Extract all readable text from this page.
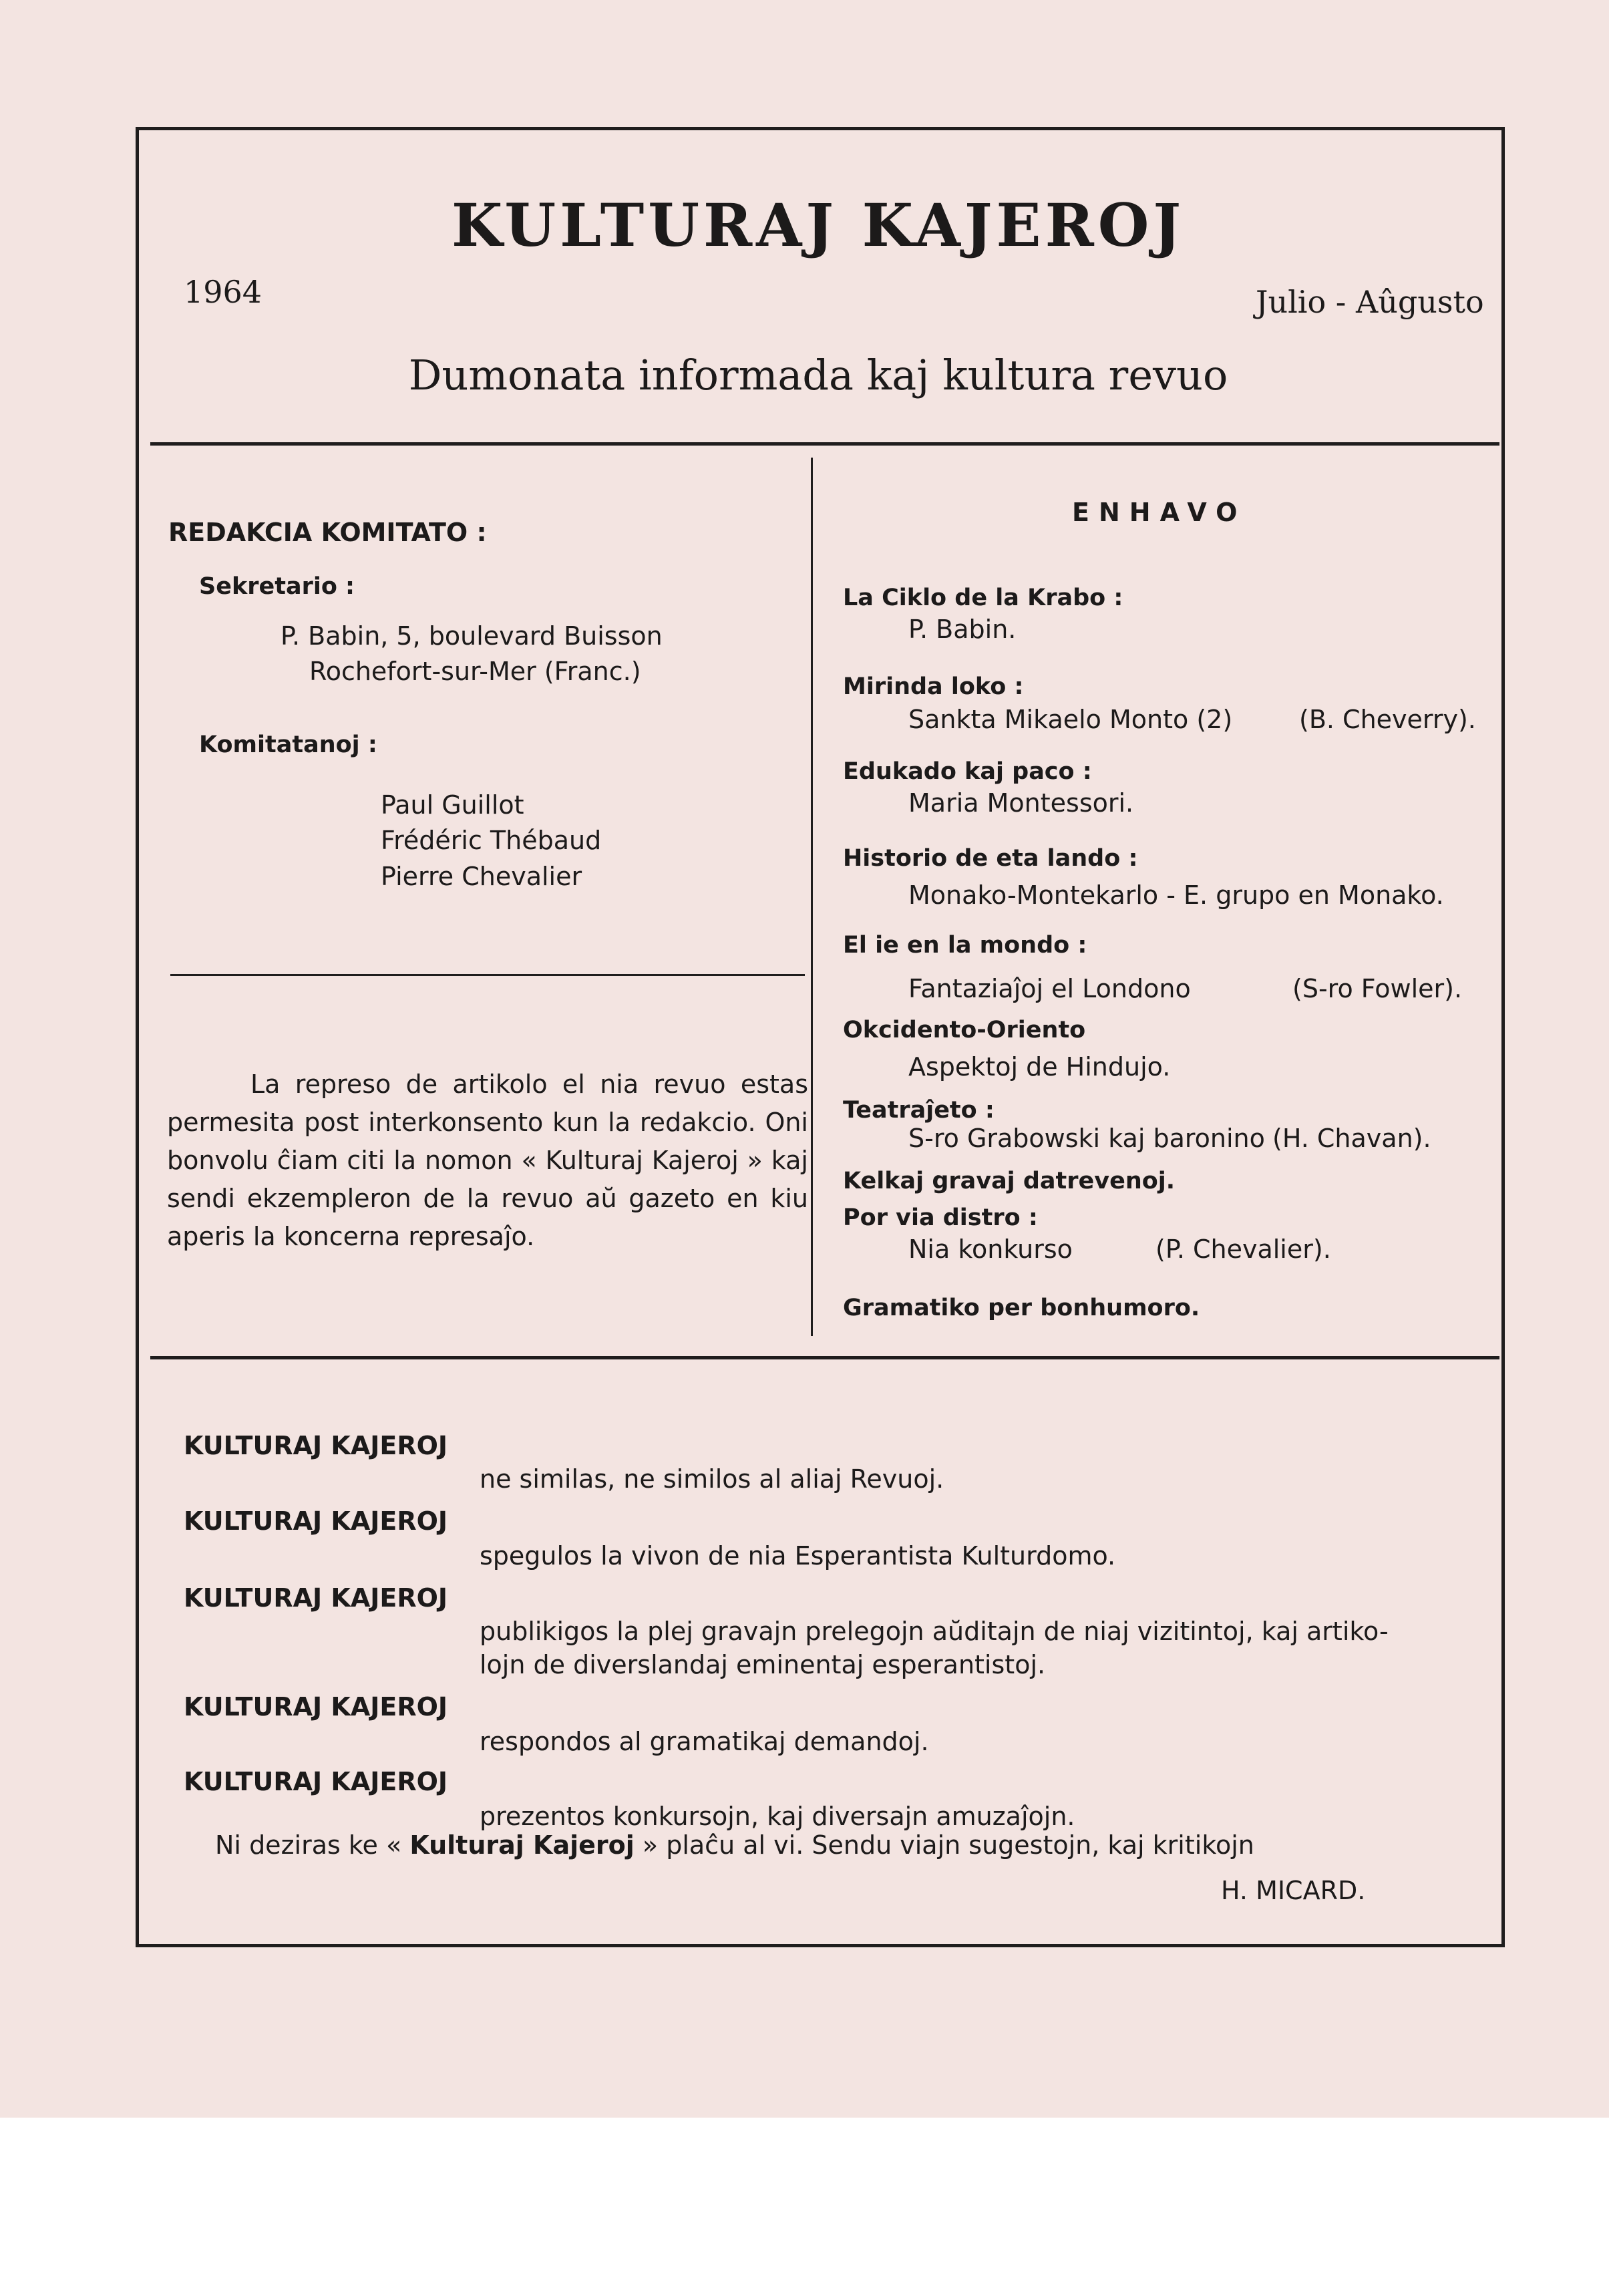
KULTURAJ KAJEROJ
1964	Julio - Aûgusto
Dumonata informada kaj kultura revuo
REDAKCIA KOMITATO :
Sekretario :
P. Babin, 5, boulevard Buisson
Rochefort-sur-Mer (Franc.)
Komitatanoj :
Paul Guillot
Frédéric Thébaud
Pierre Chevalier

La represo de artikolo el nia revuo estas permesita post interkonsento kun la redakcio. Oni bonvolu ĉiam citi la nomon « Kulturaj Kajeroj » kaj sendi ekzempleron de la revuo aŭ gazeto en kiu aperis la koncerna represaĵo.

ENHAVO
La Ciklo de la Krabo :
P. Babin.
Mirinda loko :
Sankta Mikaelo Monto (2)	(B. Cheverry).
Edukado kaj paco :
Maria Montessori.
Historio de eta lando :
Monako-Montekarlo - E. grupo en Monako.
El ie en la mondo :
Fantaziaĵoj el Londono	(S-ro Fowler).
Okcidento-Oriento
Aspektoj de Hindujo.
Teatraĵeto :
S-ro Grabowski kaj baronino (H. Chavan).
Kelkaj gravaj datrevenoj.
Por via distro :
Nia konkurso	(P. Chevalier).
Gramatiko per bonhumoro.
KULTURAJ KAJEROJ
ne similas, ne similos al aliaj Revuoj.
KULTURAJ KAJEROJ
spegulos la vivon de nia Esperantista Kulturdomo.
KULTURAJ KAJEROJ
publikigos la plej gravajn prelegojn aŭditajn de niaj vizitintoj, kaj artiko-
lojn de diverslandaj eminentaj esperantistoj.
KULTURAJ KAJEROJ
respondos al gramatikaj demandoj.
KULTURAJ KAJEROJ
prezentos konkursojn, kaj diversajn amuzaĵojn.
Ni deziras ke « Kulturaj Kajeroj » plaĉu al vi. Sendu viajn sugestojn, kaj kritikojn
H. MICARD.
